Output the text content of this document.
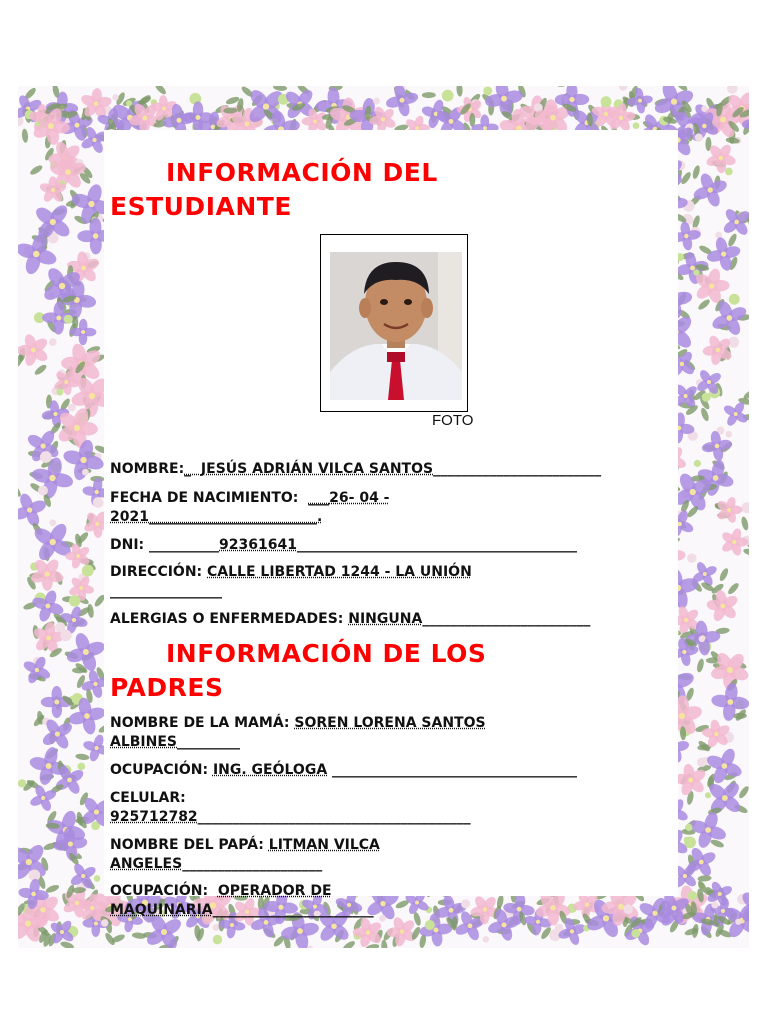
INFORMACIÓN DEL
ESTUDIANTE
FOTO

NOMBRE:_  JESÚS ADRIÁN VILCA SANTOS________________________

FECHA DE NACIMIENTO: ___26- 04 -
2021________________________.

DNI: __________92361641________________________________________

DIRECCIÓN: CALLE LIBERTAD 1244 - LA UNIÓN
________________

ALERGIAS O ENFERMEDADES: NINGUNA________________________

INFORMACIÓN DE LOS
PADRES

NOMBRE DE LA MAMÁ: SOREN LORENA SANTOS
ALBINES_________

OCUPACIÓN: ING. GEÓLOGA ___________________________________

CELULAR:
925712782_______________________________________

NOMBRE DEL PAPÁ: LITMAN VILCA
ANGELES____________________

OCUPACIÓN: OPERADOR DE
MAQUINARIA_______________________
